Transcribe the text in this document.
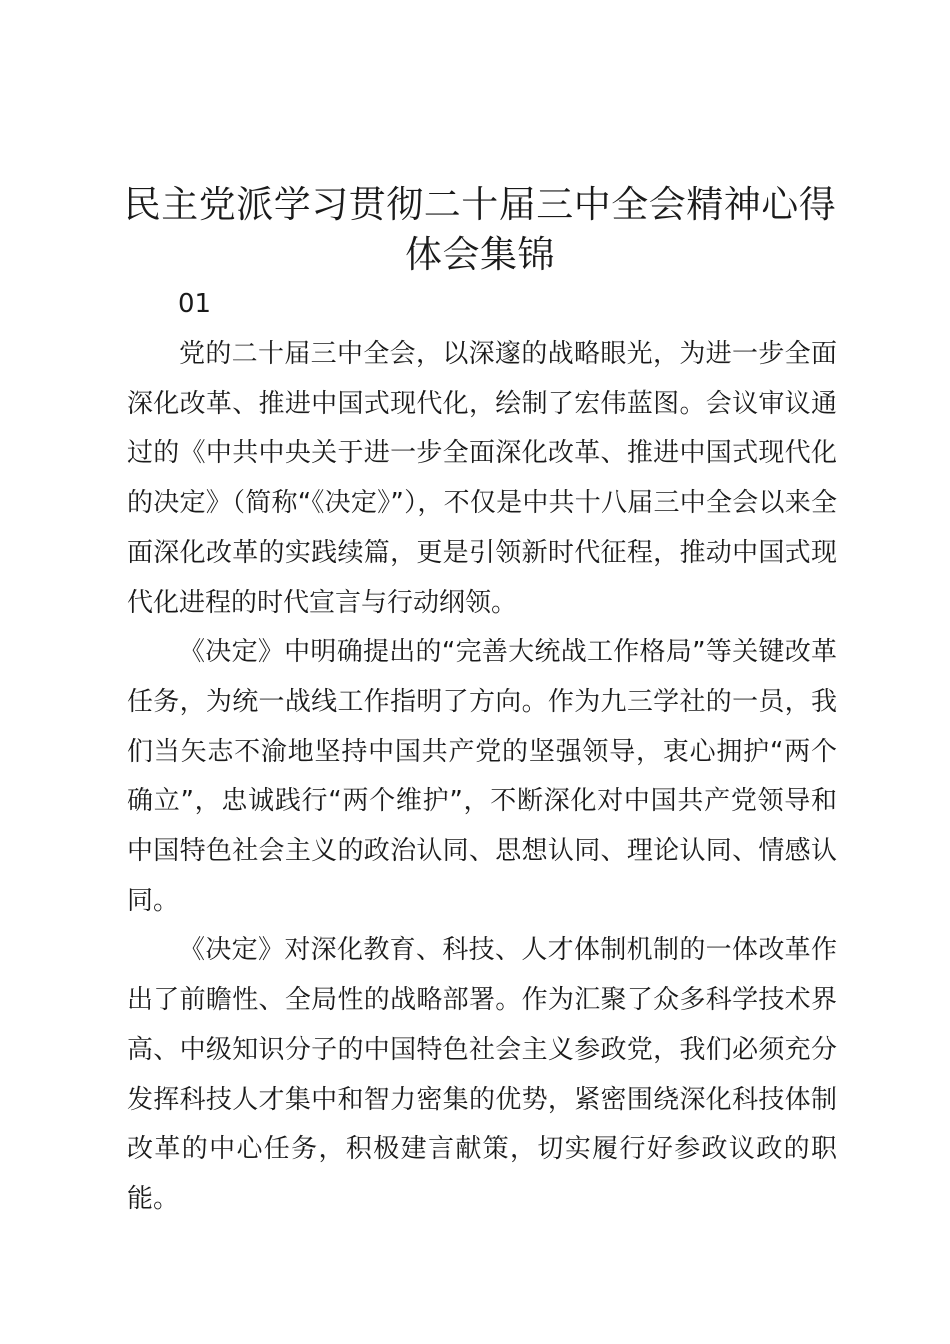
民主党派学习贯彻二十届三中全会精神心得体会集锦
01

党的二十届三中全会，以深邃的战略眼光，为进一步全面深化改革、推进中国式现代化，绘制了宏伟蓝图。会议审议通过的《中共中央关于进一步全面深化改革、推进中国式现代化的决定》（简称“《决定》”），不仅是中共十八届三中全会以来全面深化改革的实践续篇，更是引领新时代征程，推动中国式现代化进程的时代宣言与行动纲领。

《决定》中明确提出的“完善大统战工作格局”等关键改革任务，为统一战线工作指明了方向。作为九三学社的一员，我们当矢志不渝地坚持中国共产党的坚强领导，衷心拥护“两个确立”，忠诚践行“两个维护”，不断深化对中国共产党领导和中国特色社会主义的政治认同、思想认同、理论认同、情感认同。

《决定》对深化教育、科技、人才体制机制的一体改革作出了前瞻性、全局性的战略部署。作为汇聚了众多科学技术界高、中级知识分子的中国特色社会主义参政党，我们必须充分发挥科技人才集中和智力密集的优势，紧密围绕深化科技体制改革的中心任务，积极建言献策，切实履行好参政议政的职能。
